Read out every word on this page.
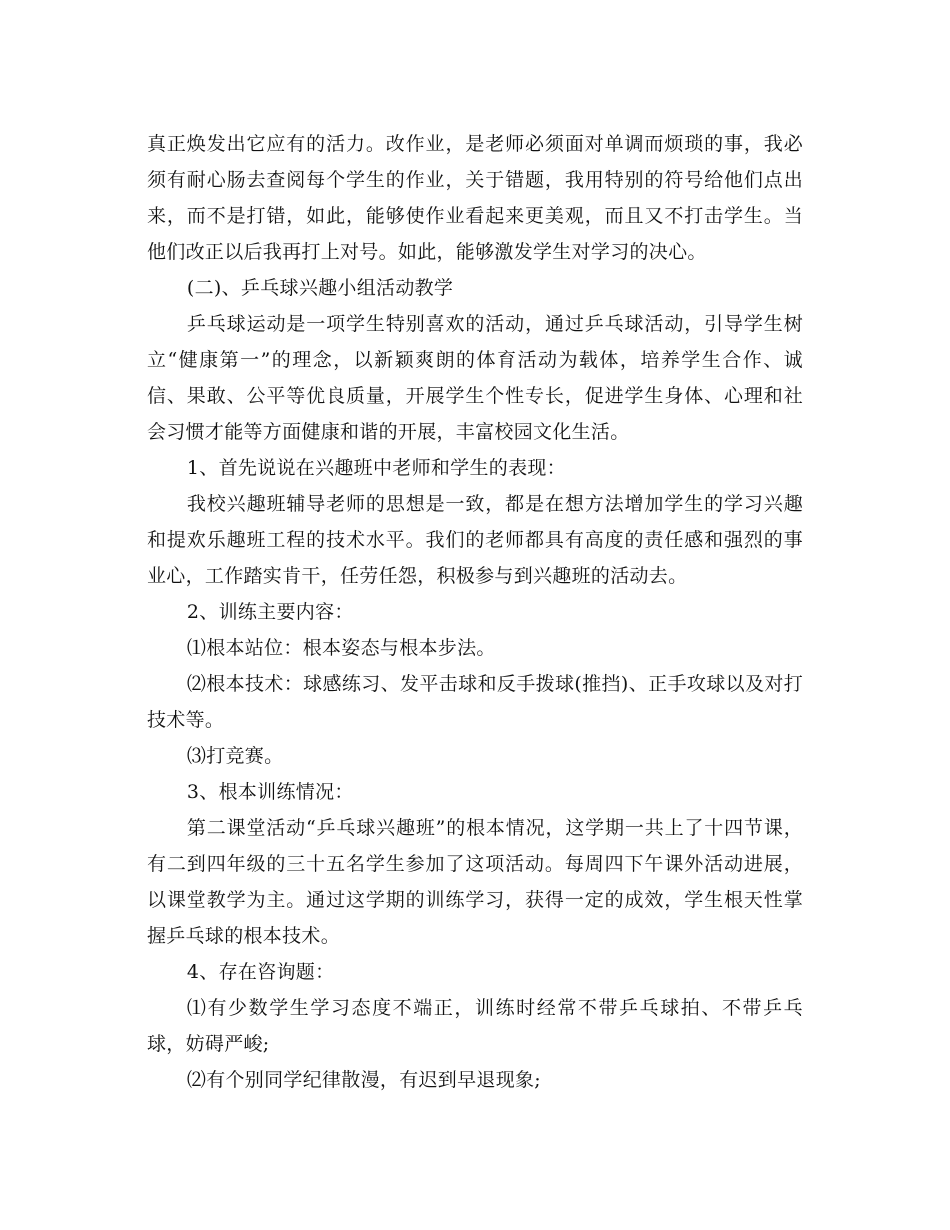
真正焕发出它应有的活力。改作业，是老师必须面对单调而烦琐的事，我必须有耐心肠去查阅每个学生的作业，关于错题，我用特别的符号给他们点出来，而不是打错，如此，能够使作业看起来更美观，而且又不打击学生。当他们改正以后我再打上对号。如此，能够激发学生对学习的决心。

(二)、乒乓球兴趣小组活动教学

乒乓球运动是一项学生特别喜欢的活动，通过乒乓球活动，引导学生树立“健康第一”的理念，以新颖爽朗的体育活动为载体，培养学生合作、诚信、果敢、公平等优良质量，开展学生个性专长，促进学生身体、心理和社会习惯才能等方面健康和谐的开展，丰富校园文化生活。

1、首先说说在兴趣班中老师和学生的表现：

我校兴趣班辅导老师的思想是一致，都是在想方法增加学生的学习兴趣和提欢乐趣班工程的技术水平。我们的老师都具有高度的责任感和强烈的事业心，工作踏实肯干，任劳任怨，积极参与到兴趣班的活动去。

2、训练主要内容：

⑴根本站位：根本姿态与根本步法。

⑵根本技术：球感练习、发平击球和反手拨球(推挡)、正手攻球以及对打技术等。

⑶打竞赛。

3、根本训练情况：

第二课堂活动“乒乓球兴趣班”的根本情况，这学期一共上了十四节课，有二到四年级的三十五名学生参加了这项活动。每周四下午课外活动进展，以课堂教学为主。通过这学期的训练学习，获得一定的成效，学生根天性掌握乒乓球的根本技术。

4、存在咨询题：

⑴有少数学生学习态度不端正，训练时经常不带乒乓球拍、不带乒乓球，妨碍严峻;

⑵有个别同学纪律散漫，有迟到早退现象;
